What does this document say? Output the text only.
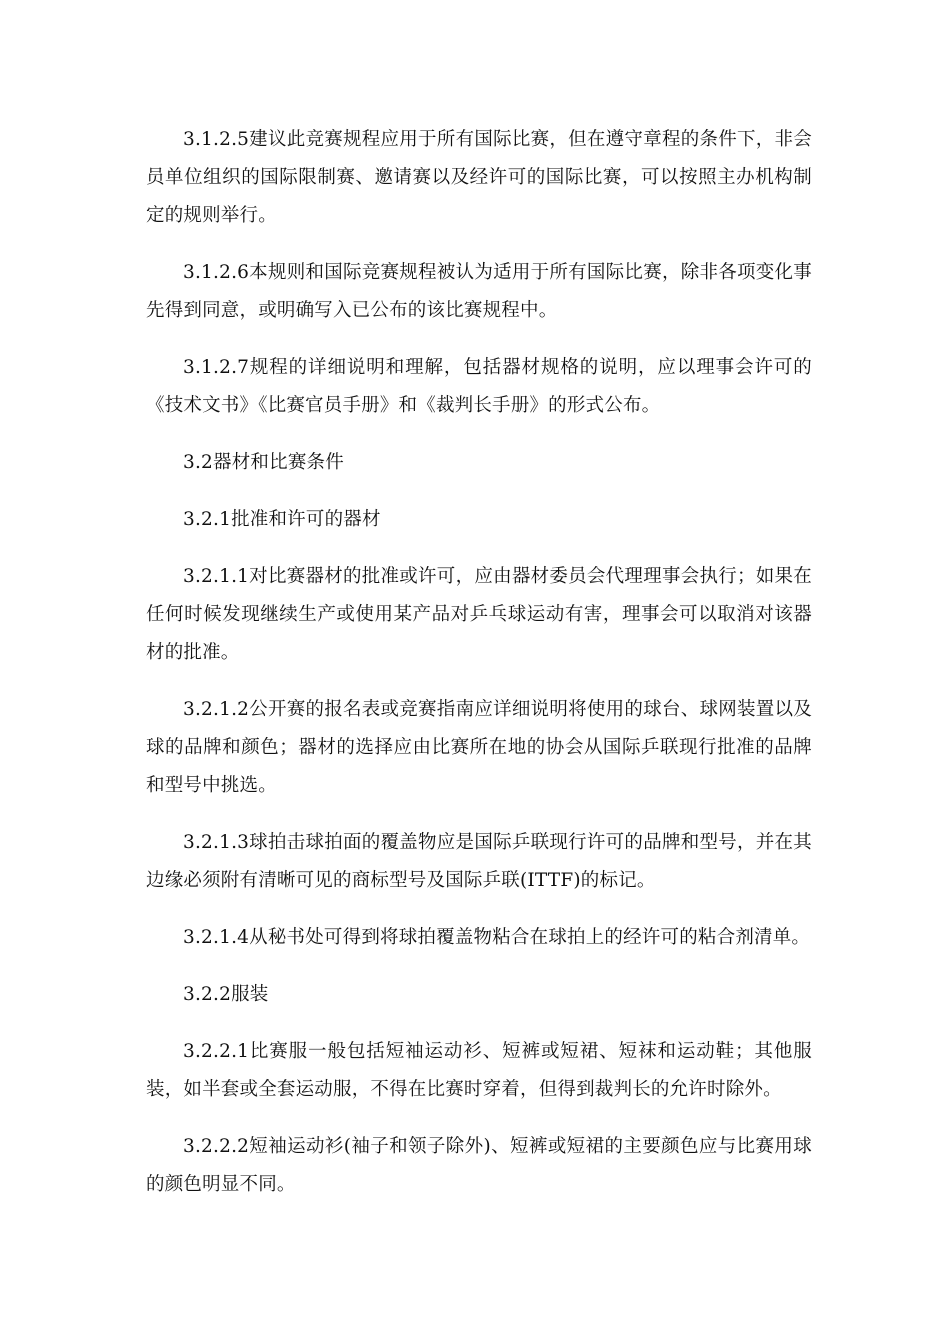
3.1.2.5建议此竞赛规程应用于所有国际比赛，但在遵守章程的条件下，非会员单位组织的国际限制赛、邀请赛以及经许可的国际比赛，可以按照主办机构制定的规则举行。

3.1.2.6本规则和国际竞赛规程被认为适用于所有国际比赛，除非各项变化事先得到同意，或明确写入已公布的该比赛规程中。

3.1.2.7规程的详细说明和理解，包括器材规格的说明，应以理事会许可的《技术文书》《比赛官员手册》和《裁判长手册》的形式公布。

3.2器材和比赛条件

3.2.1批准和许可的器材

3.2.1.1对比赛器材的批准或许可，应由器材委员会代理理事会执行；如果在任何时候发现继续生产或使用某产品对乒乓球运动有害，理事会可以取消对该器材的批准。

3.2.1.2公开赛的报名表或竞赛指南应详细说明将使用的球台、球网装置以及球的品牌和颜色；器材的选择应由比赛所在地的协会从国际乒联现行批准的品牌和型号中挑选。

3.2.1.3球拍击球拍面的覆盖物应是国际乒联现行许可的品牌和型号，并在其边缘必须附有清晰可见的商标型号及国际乒联(ITTF)的标记。

3.2.1.4从秘书处可得到将球拍覆盖物粘合在球拍上的经许可的粘合剂清单。

3.2.2服装

3.2.2.1比赛服一般包括短袖运动衫、短裤或短裙、短袜和运动鞋；其他服装，如半套或全套运动服，不得在比赛时穿着，但得到裁判长的允许时除外。

3.2.2.2短袖运动衫(袖子和领子除外)、短裤或短裙的主要颜色应与比赛用球的颜色明显不同。
